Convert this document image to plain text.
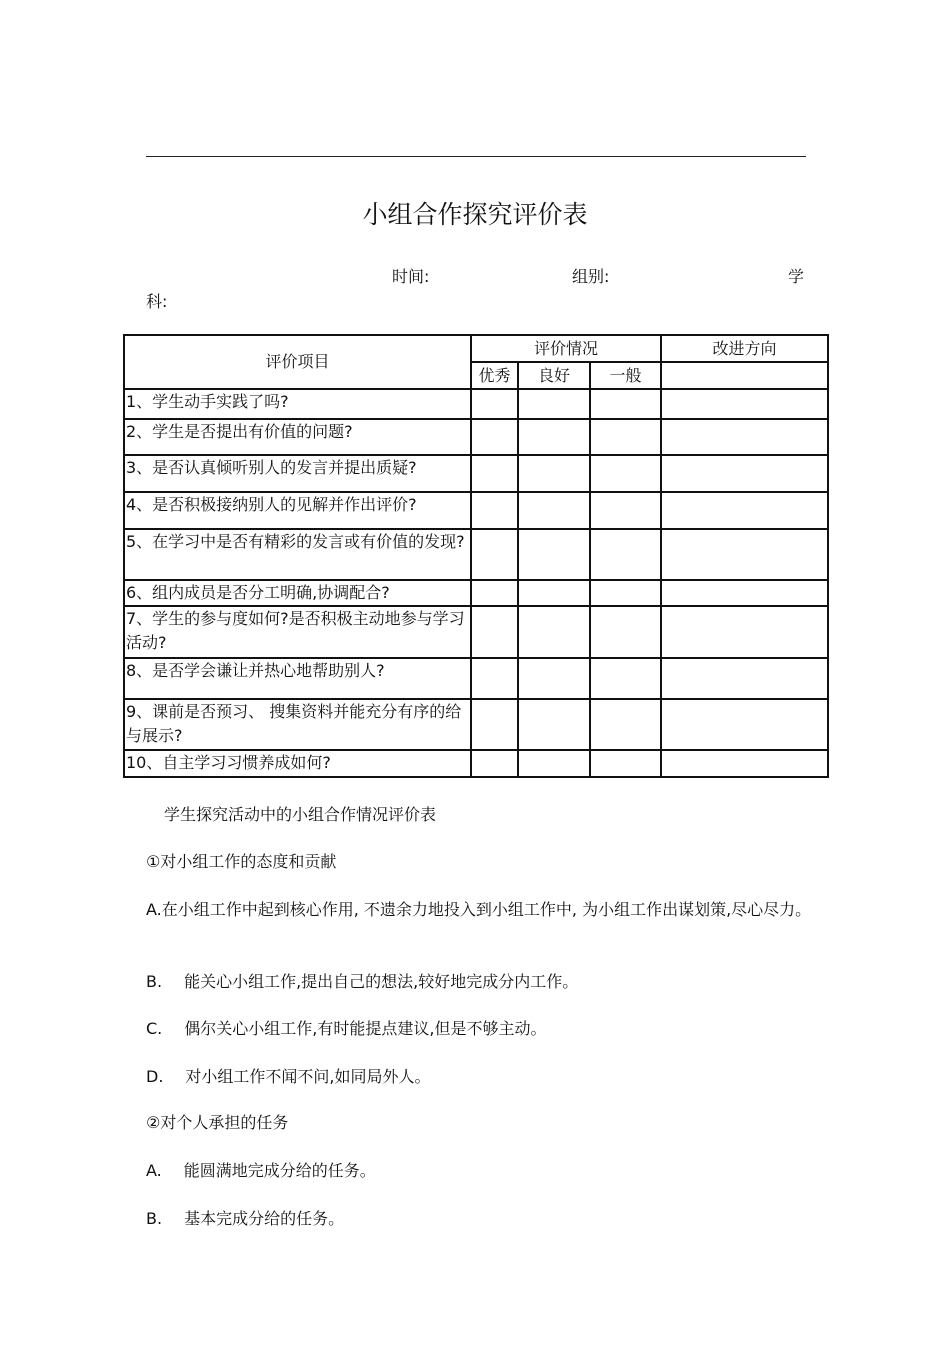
小组合作探究评价表
时间:	组别:	学
科:
评价项目	评价情况			改进方向
	优秀	良好	一般	
1、学生动手实践了吗?				
2、学生是否提出有价值的问题?				
3、是否认真倾听别人的发言并提出质疑?				
4、是否积极接纳别人的见解并作出评价?				
5、在学习中是否有精彩的发言或有价值的发现?				
6、组内成员是否分工明确,协调配合?				
7、学生的参与度如何?是否积极主动地参与学习活动?				
8、是否学会谦让并热心地帮助别人?				
9、课前是否预习、 搜集资料并能充分有序的给与展示?				
10、自主学习习惯养成如何?				
学生探究活动中的小组合作情况评价表
①对小组工作的态度和贡献
A.在小组工作中起到核心作用, 不遗余力地投入到小组工作中, 为小组工作出谋划策,尽心尽力。
B. 能关心小组工作,提出自己的想法,较好地完成分内工作。
C. 偶尔关心小组工作,有时能提点建议,但是不够主动。
D. 对小组工作不闻不问,如同局外人。
②对个人承担的任务
A. 能圆满地完成分给的任务。
B. 基本完成分给的任务。
